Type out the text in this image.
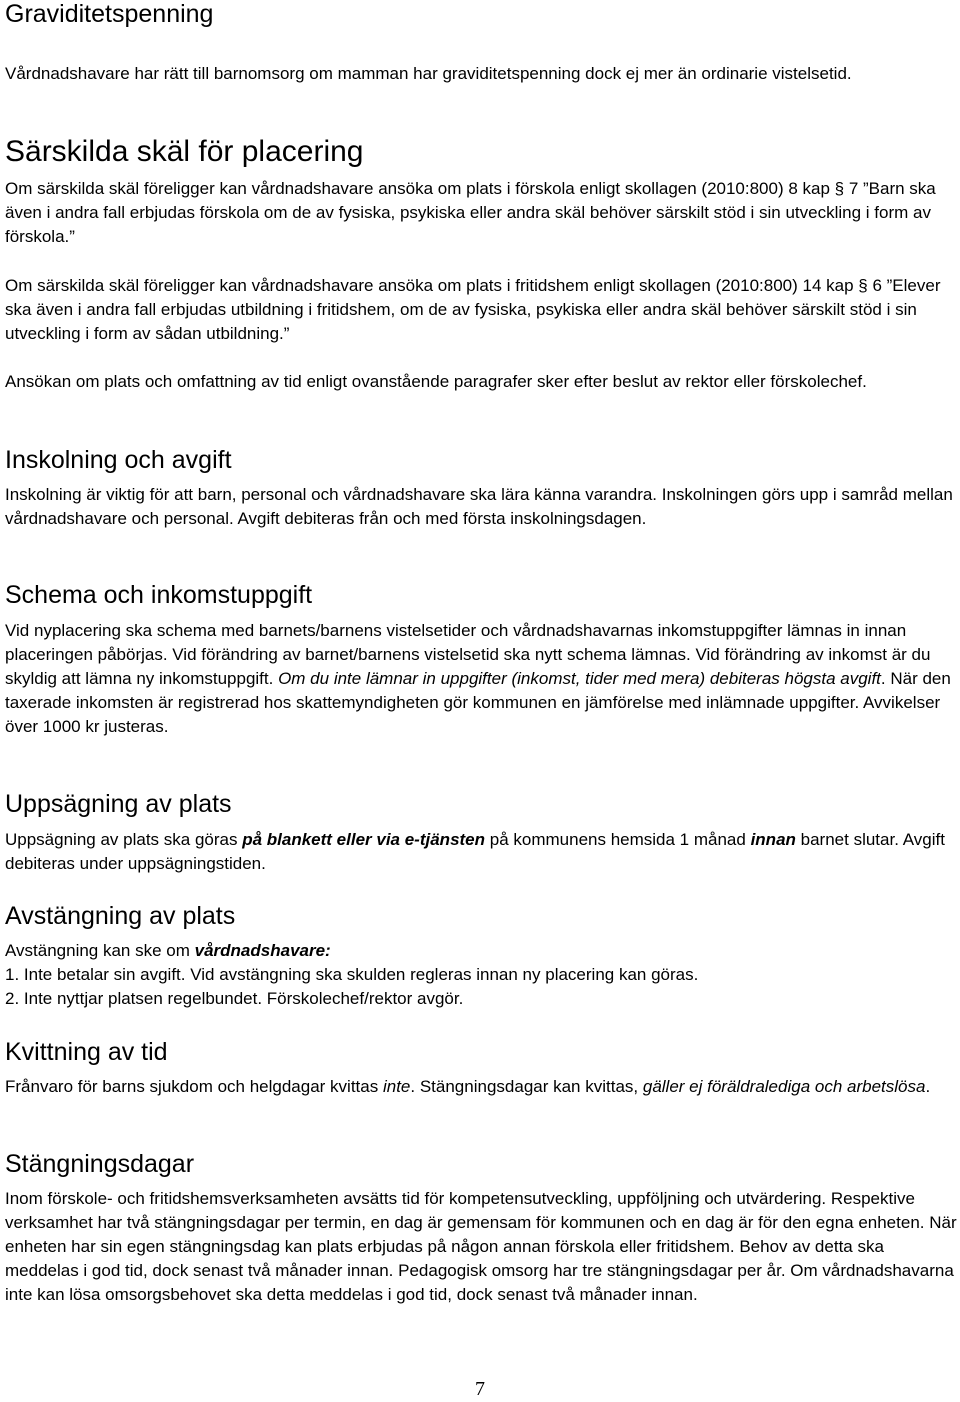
Graviditetspenning

Vårdnadshavare har rätt till barnomsorg om mamman har graviditetspenning dock ej mer än ordinarie vistelsetid.

Särskilda skäl för placering

Om särskilda skäl föreligger kan vårdnadshavare ansöka om plats i förskola enligt skollagen (2010:800) 8 kap § 7 ”Barn ska även i andra fall erbjudas förskola om de av fysiska, psykiska eller andra skäl behöver särskilt stöd i sin utveckling i form av förskola.”

Om särskilda skäl föreligger kan vårdnadshavare ansöka om plats i fritidshem enligt skollagen (2010:800) 14 kap § 6 ”Elever ska även i andra fall erbjudas utbildning i fritidshem, om de av fysiska, psykiska eller andra skäl behöver särskilt stöd i sin utveckling i form av sådan utbildning.”

Ansökan om plats och omfattning av tid enligt ovanstående paragrafer sker efter beslut av rektor eller förskolechef.

Inskolning och avgift

Inskolning är viktig för att barn, personal och vårdnadshavare ska lära känna varandra. Inskolningen görs upp i samråd mellan vårdnadshavare och personal. Avgift debiteras från och med första inskolningsdagen.

Schema och inkomstuppgift

Vid nyplacering ska schema med barnets/barnens vistelsetider och vårdnadshavarnas inkomstuppgifter lämnas in innan placeringen påbörjas. Vid förändring av barnet/barnens vistelsetid ska nytt schema lämnas. Vid förändring av inkomst är du skyldig att lämna ny inkomstuppgift. Om du inte lämnar in uppgifter (inkomst, tider med mera) debiteras högsta avgift. När den taxerade inkomsten är registrerad hos skattemyndigheten gör kommunen en jämförelse med inlämnade uppgifter. Avvikelser över 1000 kr justeras.

Uppsägning av plats

Uppsägning av plats ska göras på blankett eller via e-tjänsten på kommunens hemsida 1 månad innan barnet slutar. Avgift debiteras under uppsägningstiden.

Avstängning av plats

Avstängning kan ske om vårdnadshavare:

1. Inte betalar sin avgift. Vid avstängning ska skulden regleras innan ny placering kan göras.

2. Inte nyttjar platsen regelbundet. Förskolechef/rektor avgör.

Kvittning av tid

Frånvaro för barns sjukdom och helgdagar kvittas inte. Stängningsdagar kan kvittas, gäller ej föräldralediga och arbetslösa.

Stängningsdagar

Inom förskole- och fritidshemsverksamheten avsätts tid för kompetensutveckling, uppföljning och utvärdering. Respektive verksamhet har två stängningsdagar per termin, en dag är gemensam för kommunen och en dag är för den egna enheten. När enheten har sin egen stängningsdag kan plats erbjudas på någon annan förskola eller fritidshem. Behov av detta ska meddelas i god tid, dock senast två månader innan. Pedagogisk omsorg har tre stängningsdagar per år. Om vårdnadshavarna inte kan lösa omsorgsbehovet ska detta meddelas i god tid, dock senast två månader innan.

7
